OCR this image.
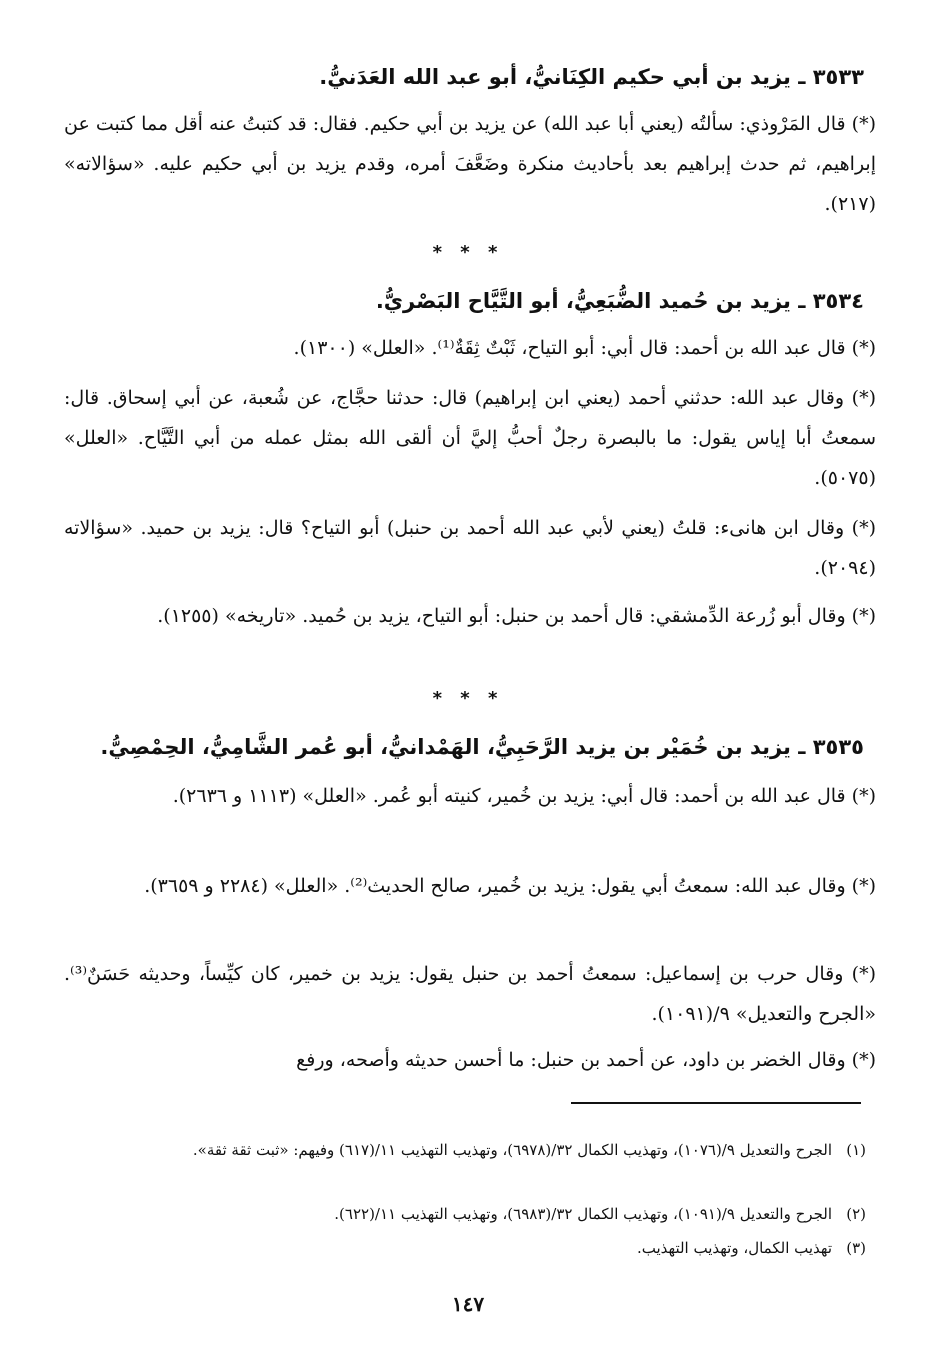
٣٥٣٣ ـ يزيد بن أبي حكيم الكِنَانيُّ، أبو عبد الله العَدَنيُّ.
(*) قال المَرْوذي: سألتُه (يعني أبا عبد الله) عن يزيد بن أبي حكيم. فقال: قد كتبتُ عنه أقل مما كتبت عن إبراهيم، ثم حدث إبراهيم بعد بأحاديث منكرة وضَعَّفَ أمره، وقدم يزيد بن أبي حكيم عليه. «سؤالاته» (٢١٧).
* * *
٣٥٣٤ ـ يزيد بن حُميد الضُّبَعِيُّ، أبو التَّيَّاح البَصْريُّ.
(*) قال عبد الله بن أحمد: قال أبي: أبو التياح، ثَبْتٌ ثِقَةٌ⁽¹⁾. «العلل» (١٣٠٠).
(*) وقال عبد الله: حدثني أحمد (يعني ابن إبراهيم) قال: حدثنا حجَّاج، عن شُعبة، عن أبي إسحاق. قال: سمعتُ أبا إياس يقول: ما بالبصرة رجلٌ أحبُّ إليَّ أن ألقى الله بمثل عمله من أبي التَّيَّاح. «العلل» (٥٠٧٥).
(*) وقال ابن هانىء: قلتُ (يعني لأبي عبد الله أحمد بن حنبل) أبو التياح؟ قال: يزيد بن حميد. «سؤالاته (٢٠٩٤).
(*) وقال أبو زُرعة الدِّمشقي: قال أحمد بن حنبل: أبو التياح، يزيد بن حُميد. «تاريخه» (١٢٥٥).
* * *
٣٥٣٥ ـ يزيد بن خُمَيْر بن يزيد الرَّحَبِيُّ، الهَمْدانيُّ، أبو عُمر الشَّامِيُّ، الحِمْصِيُّ.
(*) قال عبد الله بن أحمد: قال أبي: يزيد بن خُمير، كنيته أبو عُمر. «العلل» (١١١٣ و ٢٦٣٦).
(*) وقال عبد الله: سمعتُ أبي يقول: يزيد بن خُمير، صالح الحديث⁽²⁾. «العلل» (٢٢٨٤ و ٣٦٥٩).
(*) وقال حرب بن إسماعيل: سمعتُ أحمد بن حنبل يقول: يزيد بن خمير، كان كيِّساً، وحديثه حَسَنٌ⁽³⁾. «الجرح والتعديل» ٩/(١٠٩١).
(*) وقال الخضر بن داود، عن أحمد بن حنبل: ما أحسن حديثه وأصحه، ورفع
(١)الجرح والتعديل ٩/(١٠٧٦)، وتهذيب الكمال ٣٢/(٦٩٧٨)، وتهذيب التهذيب ١١/(٦١٧) وفيهم: «ثبت ثقة ثقة».
(٢)الجرح والتعديل ٩/(١٠٩١)، وتهذيب الكمال ٣٢/(٦٩٨٣)، وتهذيب التهذيب ١١/(٦٢٢).
(٣)تهذيب الكمال، وتهذيب التهذيب.
١٤٧
